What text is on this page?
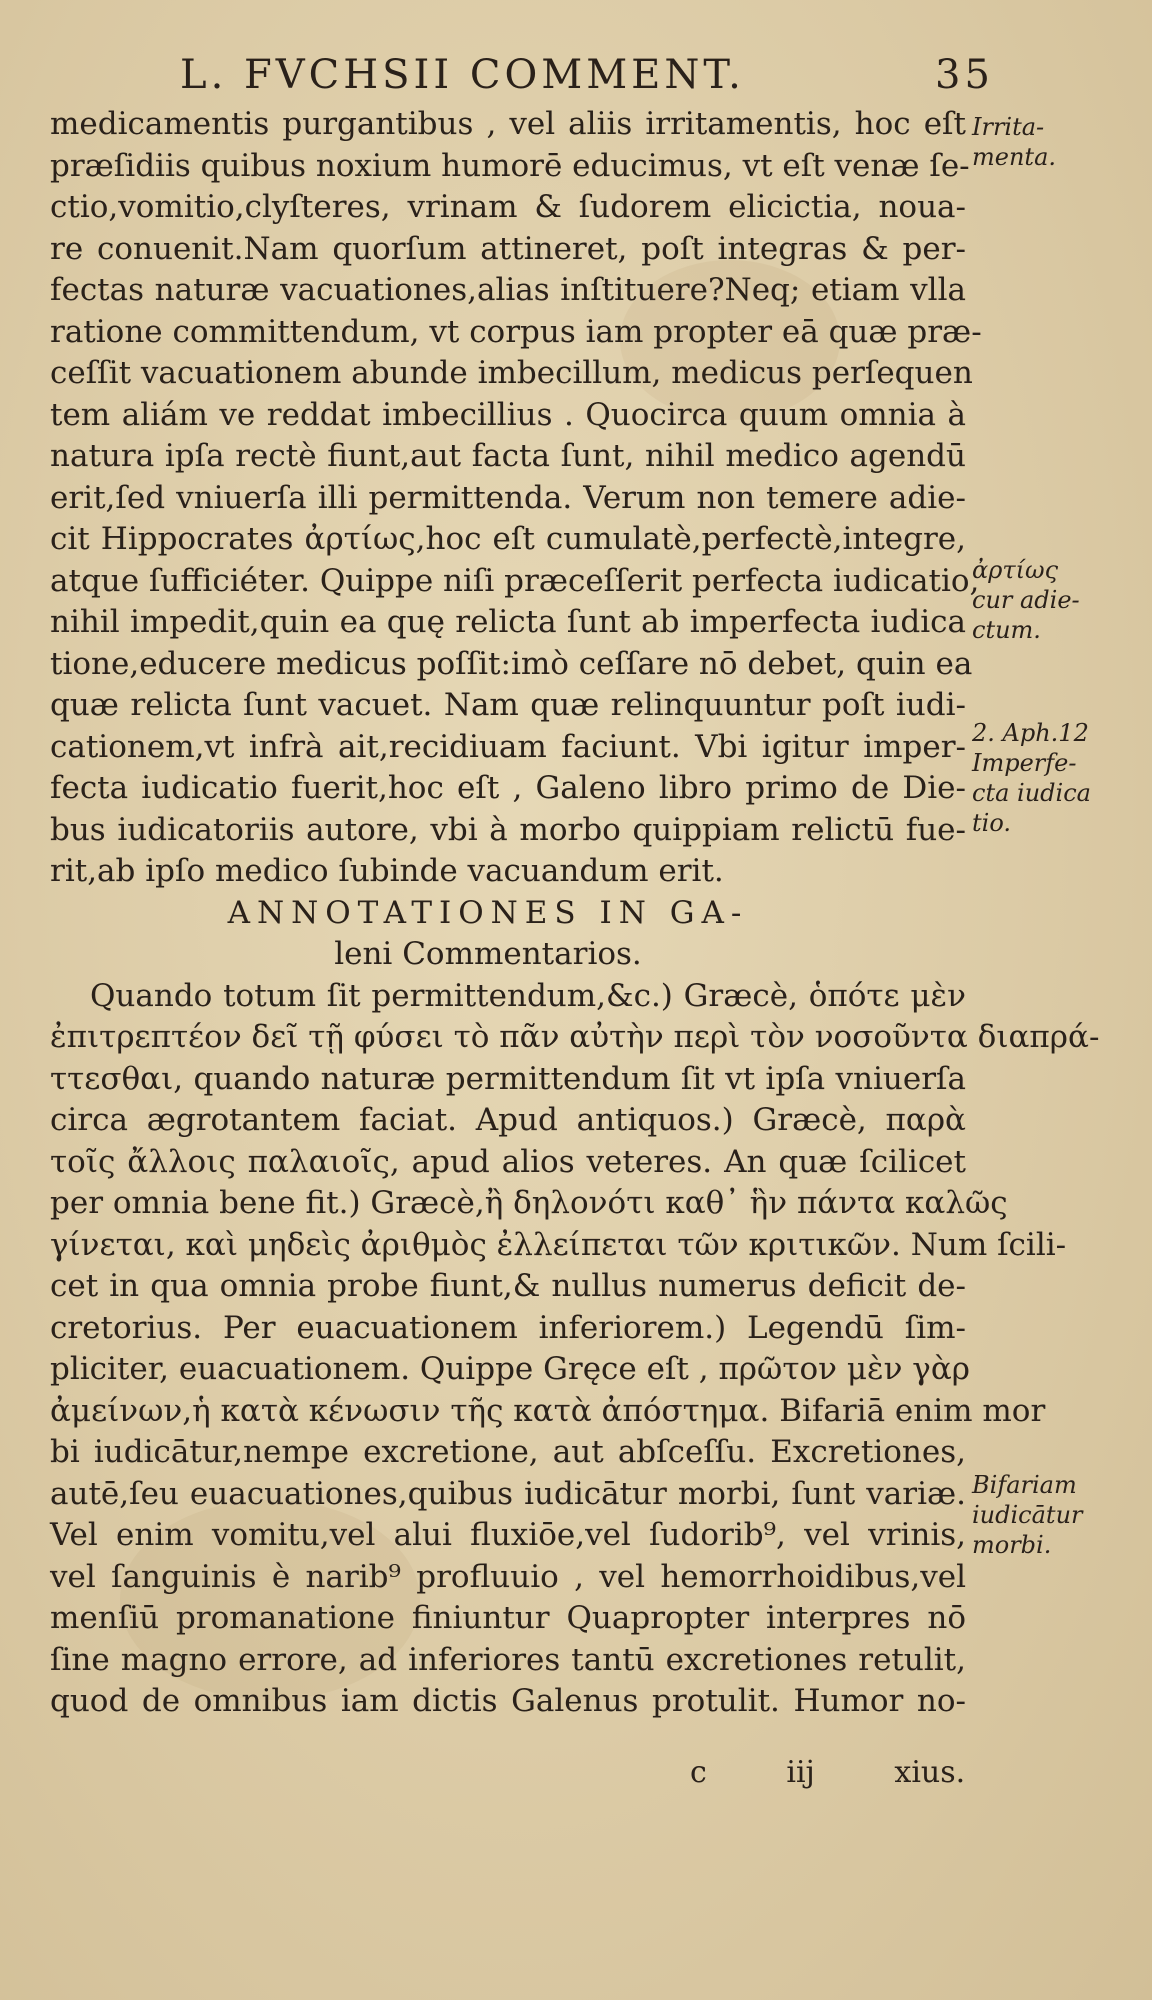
L. FVCHSII COMMENT.	35
medicamentis purgantibus , vel aliis irritamentis, hoc eſt
præſidiis quibus noxium humorē educimus, vt eſt venæ ſe-
ctio,vomitio,clyſteres, vrinam & ſudorem elicictia, noua-
re conuenit.Nam quorſum attineret, poſt integras & per-
fectas naturæ vacuationes,alias inſtituere?Neq; etiam vlla
ratione committendum, vt corpus iam propter eā quæ præ-
ceſſit vacuationem abunde imbecillum, medicus perſequen
tem aliám ve reddat imbecillius . Quocirca quum omnia à
natura ipſa rectè fiunt,aut facta ſunt, nihil medico agendū
erit,ſed vniuerſa illi permittenda. Verum non temere adie-
cit Hippocrates ἀρτίως,hoc eſt cumulatè,perfectè,integre,
atque ſufficiéter. Quippe niſi præceſſerit perfecta iudicatio,
nihil impedit,quin ea quę relicta ſunt ab imperfecta iudica
tione,educere medicus poſſit:imò ceſſare nō debet, quin ea
quæ relicta ſunt vacuet. Nam quæ relinquuntur poſt iudi-
cationem,vt infrà ait,recidiuam faciunt. Vbi igitur imper-
fecta iudicatio fuerit,hoc eſt , Galeno libro primo de Die-
bus iudicatoriis autore, vbi à morbo quippiam relictū fue-
rit,ab ipſo medico ſubinde vacuandum erit.
ANNOTATIONES IN GA-
leni Commentarios.
Quando totum ſit permittendum,&c.) Græcè, ὁπότε μὲν
ἐπιτρεπτέον δεῖ τῇ φύσει τὸ πᾶν αὐτὴν περὶ τὸν νοσοῦντα διαπρά-
ττεσθαι, quando naturæ permittendum ſit vt ipſa vniuerſa
circa ægrotantem faciat. Apud antiquos.) Græcè, παρὰ
τοῖς ἄλλοις παλαιοῖς, apud alios veteres. An quæ ſcilicet
per omnia bene fit.) Græcè,ἢ δηλονότι καθ᾽ ἣν πάντα καλῶς
γίνεται, καὶ μηδεὶς ἀριθμὸς ἐλλείπεται τῶν κριτικῶν. Num ſcili-
cet in qua omnia probe fiunt,& nullus numerus deficit de-
cretorius. Per euacuationem inferiorem.) Legendū ſim-
pliciter, euacuationem. Quippe Gręce eſt , πρῶτον μὲν γὰρ
ἀμείνων,ἡ κατὰ κένωσιν τῆς κατὰ ἀπόστημα. Bifariā enim mor
bi iudicātur,nempe excretione, aut abſceſſu. Excretiones,
autē,ſeu euacuationes,quibus iudicātur morbi, ſunt variæ.
Vel enim vomitu,vel alui fluxiōe,vel ſudorib⁹, vel vrinis,
vel ſanguinis è narib⁹ profluuio , vel hemorrhoidibus,vel
menſiū promanatione finiuntur Quapropter interpres nō
ſine magno errore, ad inferiores tantū excretiones retulit,
quod de omnibus iam dictis Galenus protulit. Humor no-
c	iij	xius.
Irrita-
menta.
ἀρτίως
cur adie-
ctum.
2. Aph.12
Imperfe-
cta iudica
tio.
Bifariam
iudicātur
morbi.
